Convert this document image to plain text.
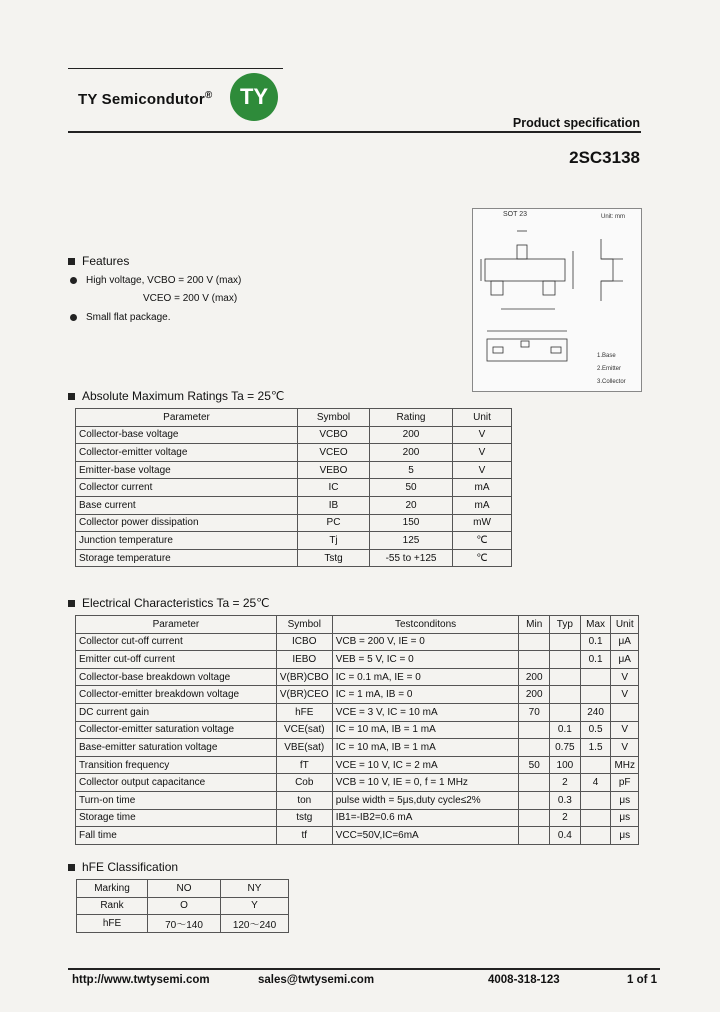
TY Semicondutor® TY
Product specification
2SC3138
SOT 23	Unit: mm
1.Base
2.Emitter
3.Collector
Features
High voltage, VCBO = 200 V (max)
VCEO = 200 V (max)
Small flat package.
Absolute Maximum Ratings Ta = 25℃
Parameter	Symbol	Rating	Unit
Collector-base voltage	VCBO	200	V
Collector-emitter voltage	VCEO	200	V
Emitter-base voltage	VEBO	5	V
Collector current	IC	50	mA
Base current	IB	20	mA
Collector power dissipation	PC	150	mW
Junction temperature	Tj	125	℃
Storage temperature	Tstg	-55 to +125	℃
Electrical Characteristics Ta = 25℃
Parameter	Symbol	Testconditons	Min	Typ	Max	Unit
Collector cut-off current	ICBO	VCB = 200 V, IE = 0			0.1	μA
Emitter cut-off current	IEBO	VEB = 5 V, IC = 0			0.1	μA
Collector-base breakdown voltage	V(BR)CBO	IC = 0.1 mA, IE = 0	200			V
Collector-emitter breakdown voltage	V(BR)CEO	IC = 1 mA, IB = 0	200			V
DC current gain	hFE	VCE = 3 V, IC = 10 mA	70		240	
Collector-emitter saturation voltage	VCE(sat)	IC = 10 mA, IB = 1 mA		0.1	0.5	V
Base-emitter saturation voltage	VBE(sat)	IC = 10 mA, IB = 1 mA		0.75	1.5	V
Transition frequency	fT	VCE = 10 V, IC = 2 mA	50	100		MHz
Collector output capacitance	Cob	VCB = 10 V, IE = 0, f = 1 MHz		2	4	pF
Turn-on time	ton	pulse width = 5μs,duty cycle≤2%		0.3		μs
Storage time	tstg	IB1=-IB2=0.6 mA		2		μs
Fall time	tf	VCC=50V,IC=6mA		0.4		μs
hFE Classification
Marking	NO	NY
Rank	O	Y
hFE	70～140	120～240
http://www.twtysemi.com	sales@twtysemi.com	4008-318-123	1 of 1
